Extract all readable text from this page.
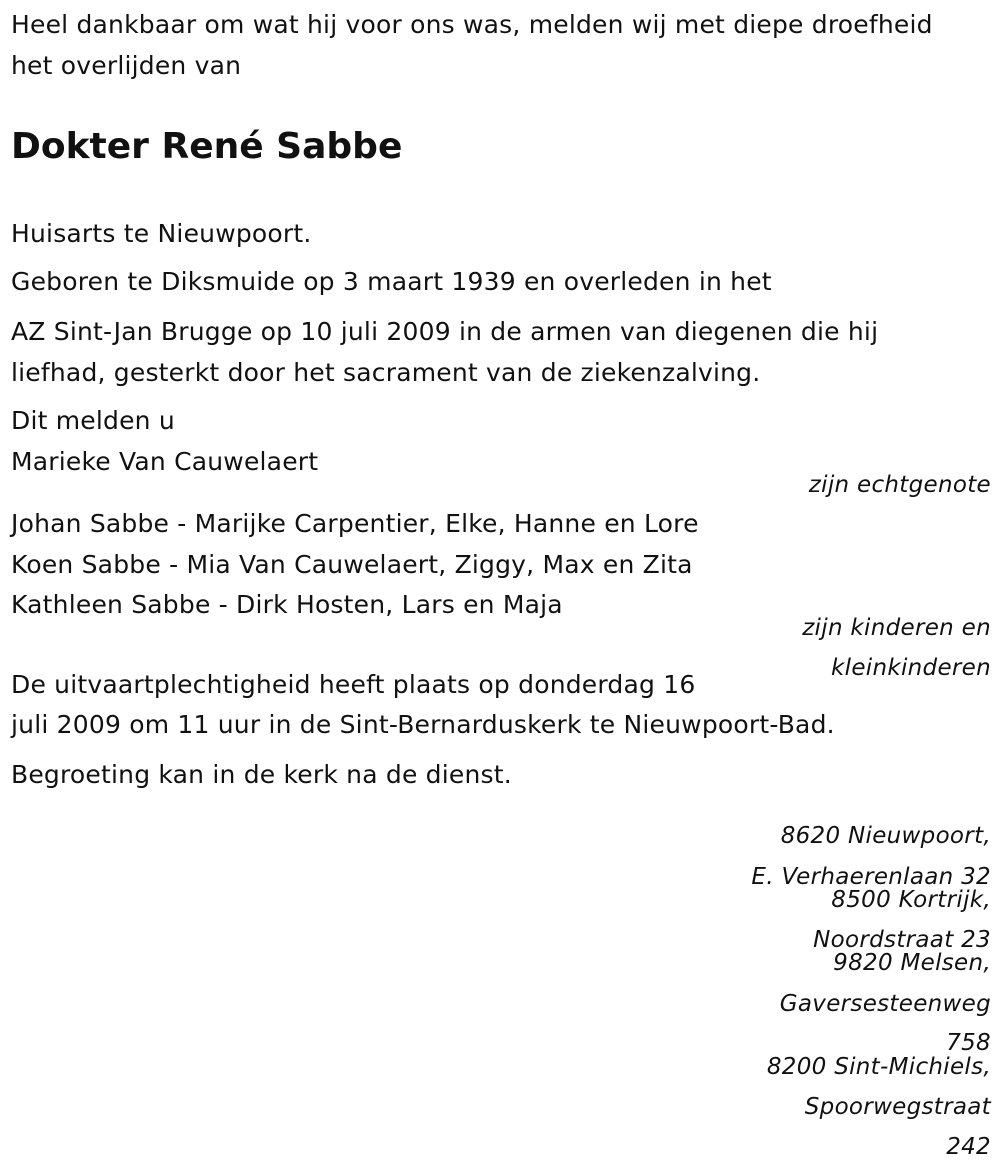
Heel dankbaar om wat hij voor ons was, melden wij met diepe droefheid

het overlijden van

Dokter René Sabbe

Huisarts te Nieuwpoort.

Geboren te Diksmuide op 3 maart 1939 en overleden in het

AZ Sint-Jan Brugge op 10 juli 2009 in de armen van diegenen die hij

liefhad, gesterkt door het sacrament van de ziekenzalving.

Dit melden u

Marieke Van Cauwelaert

zijn echtgenote

Johan Sabbe - Marijke Carpentier, Elke, Hanne en Lore

Koen Sabbe - Mia Van Cauwelaert, Ziggy, Max en Zita

Kathleen Sabbe - Dirk Hosten, Lars en Maja

zijn kinderen en

kleinkinderen

De uitvaartplechtigheid heeft plaats op donderdag 16

juli 2009 om 11 uur in de Sint-Bernarduskerk te Nieuwpoort-Bad.

Begroeting kan in de kerk na de dienst.

8620 Nieuwpoort,

E. Verhaerenlaan 32

8500 Kortrijk,

Noordstraat 23

9820 Melsen,

Gaversesteenweg

758

8200 Sint-Michiels,

Spoorwegstraat

242
